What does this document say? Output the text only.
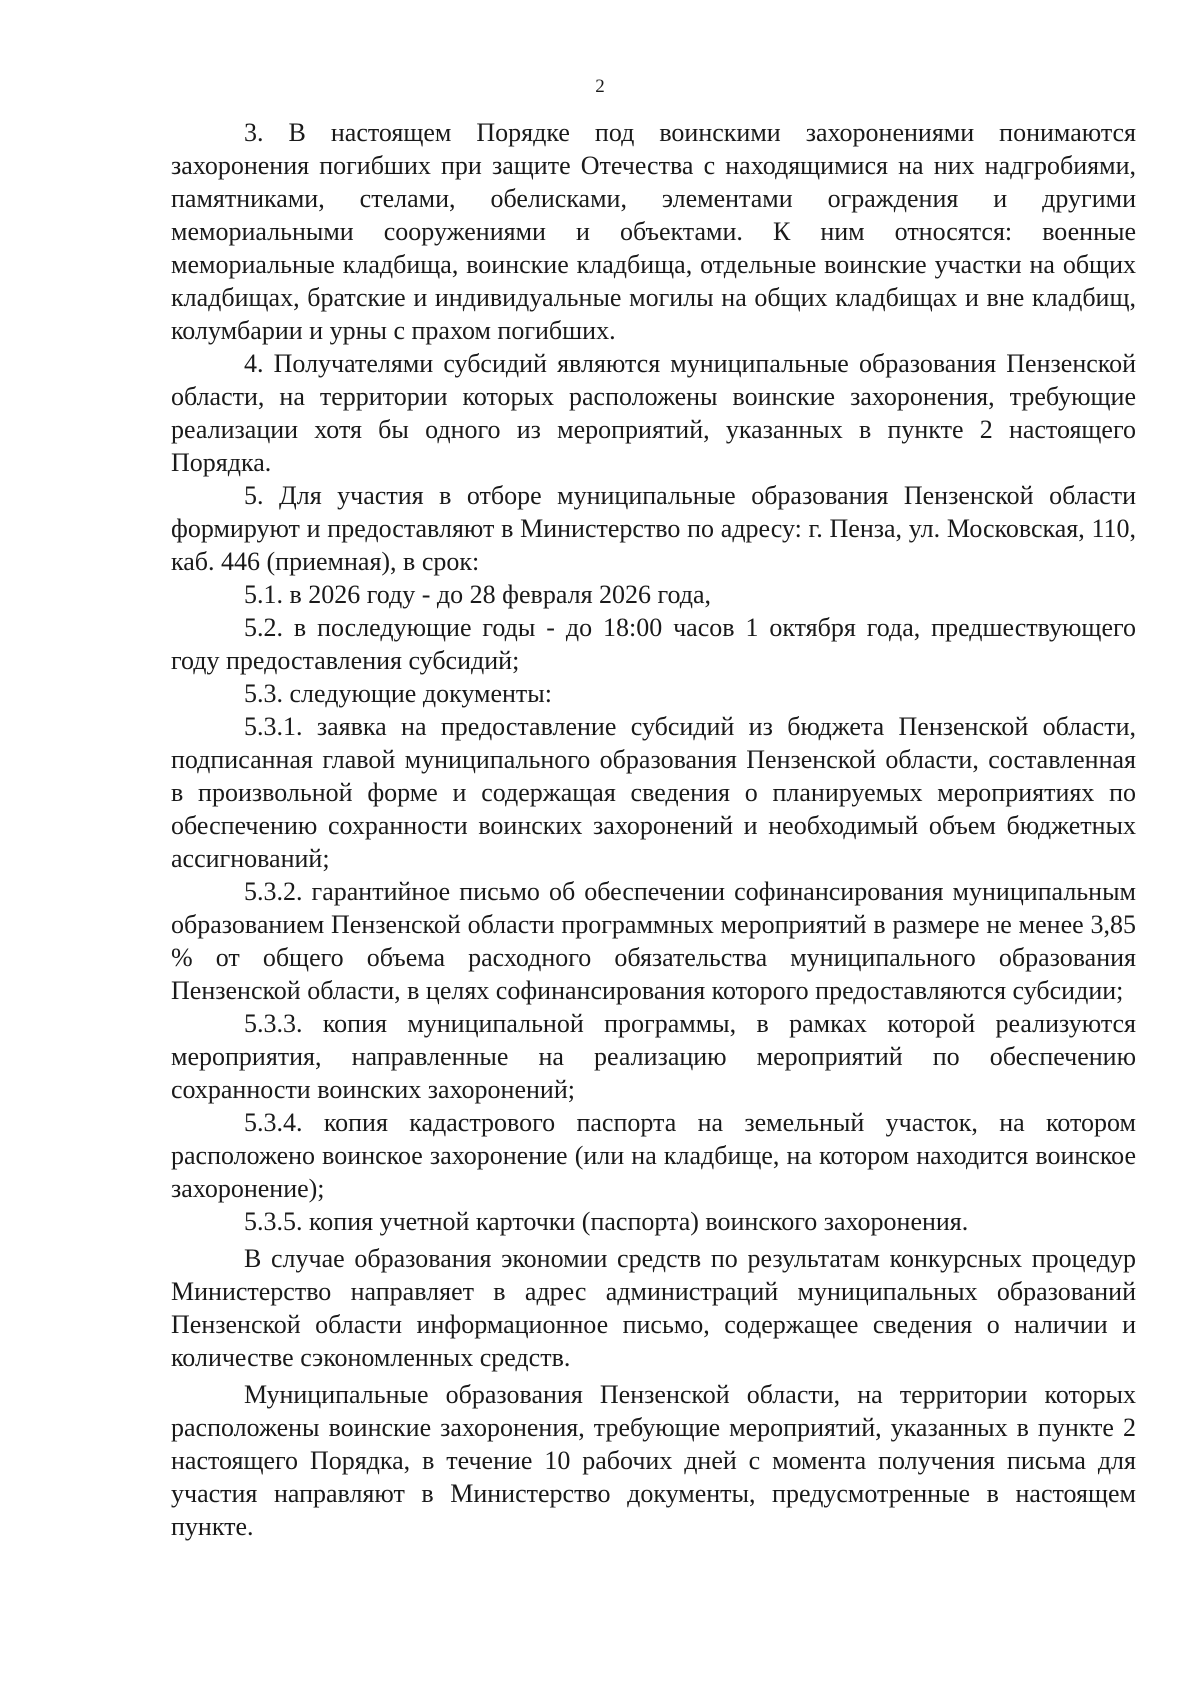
2

3. В настоящем Порядке под воинскими захоронениями понимаются захоронения погибших при защите Отечества с находящимися на них надгробиями, памятниками, стелами, обелисками, элементами ограждения и другими мемориальными сооружениями и объектами. К ним относятся: военные мемориальные кладбища, воинские кладбища, отдельные воинские участки на общих кладбищах, братские и индивидуальные могилы на общих кладбищах и вне кладбищ, колумбарии и урны с прахом погибших.

4. Получателями субсидий являются муниципальные образования Пензенской области, на территории которых расположены воинские захоронения, требующие реализации хотя бы одного из мероприятий, указанных в пункте 2 настоящего Порядка.

5. Для участия в отборе муниципальные образования Пензенской области формируют и предоставляют в Министерство по адресу: г. Пенза, ул. Московская, 110, каб. 446 (приемная), в срок:

5.1. в 2026 году - до 28 февраля 2026 года,

5.2. в последующие годы - до 18:00 часов 1 октября года, предшествующего году предоставления субсидий;

5.3. следующие документы:

5.3.1. заявка на предоставление субсидий из бюджета Пензенской области, подписанная главой муниципального образования Пензенской области, составленная в произвольной форме и содержащая сведения о планируемых мероприятиях по обеспечению сохранности воинских захоронений и необходимый объем бюджетных ассигнований;

5.3.2. гарантийное письмо об обеспечении софинансирования муниципальным образованием Пензенской области программных мероприятий в размере не менее 3,85 % от общего объема расходного обязательства муниципального образования Пензенской области, в целях софинансирования которого предоставляются субсидии;

5.3.3. копия муниципальной программы, в рамках которой реализуются мероприятия, направленные на реализацию мероприятий по обеспечению сохранности воинских захоронений;

5.3.4. копия кадастрового паспорта на земельный участок, на котором расположено воинское захоронение (или на кладбище, на котором находится воинское захоронение);

5.3.5. копия учетной карточки (паспорта) воинского захоронения.

В случае образования экономии средств по результатам конкурсных процедур Министерство направляет в адрес администраций муниципальных образований Пензенской области информационное письмо, содержащее сведения о наличии и количестве сэкономленных средств.

Муниципальные образования Пензенской области, на территории которых расположены воинские захоронения, требующие мероприятий, указанных в пункте 2 настоящего Порядка, в течение 10 рабочих дней с момента получения письма для участия направляют в Министерство документы, предусмотренные в настоящем пункте.
